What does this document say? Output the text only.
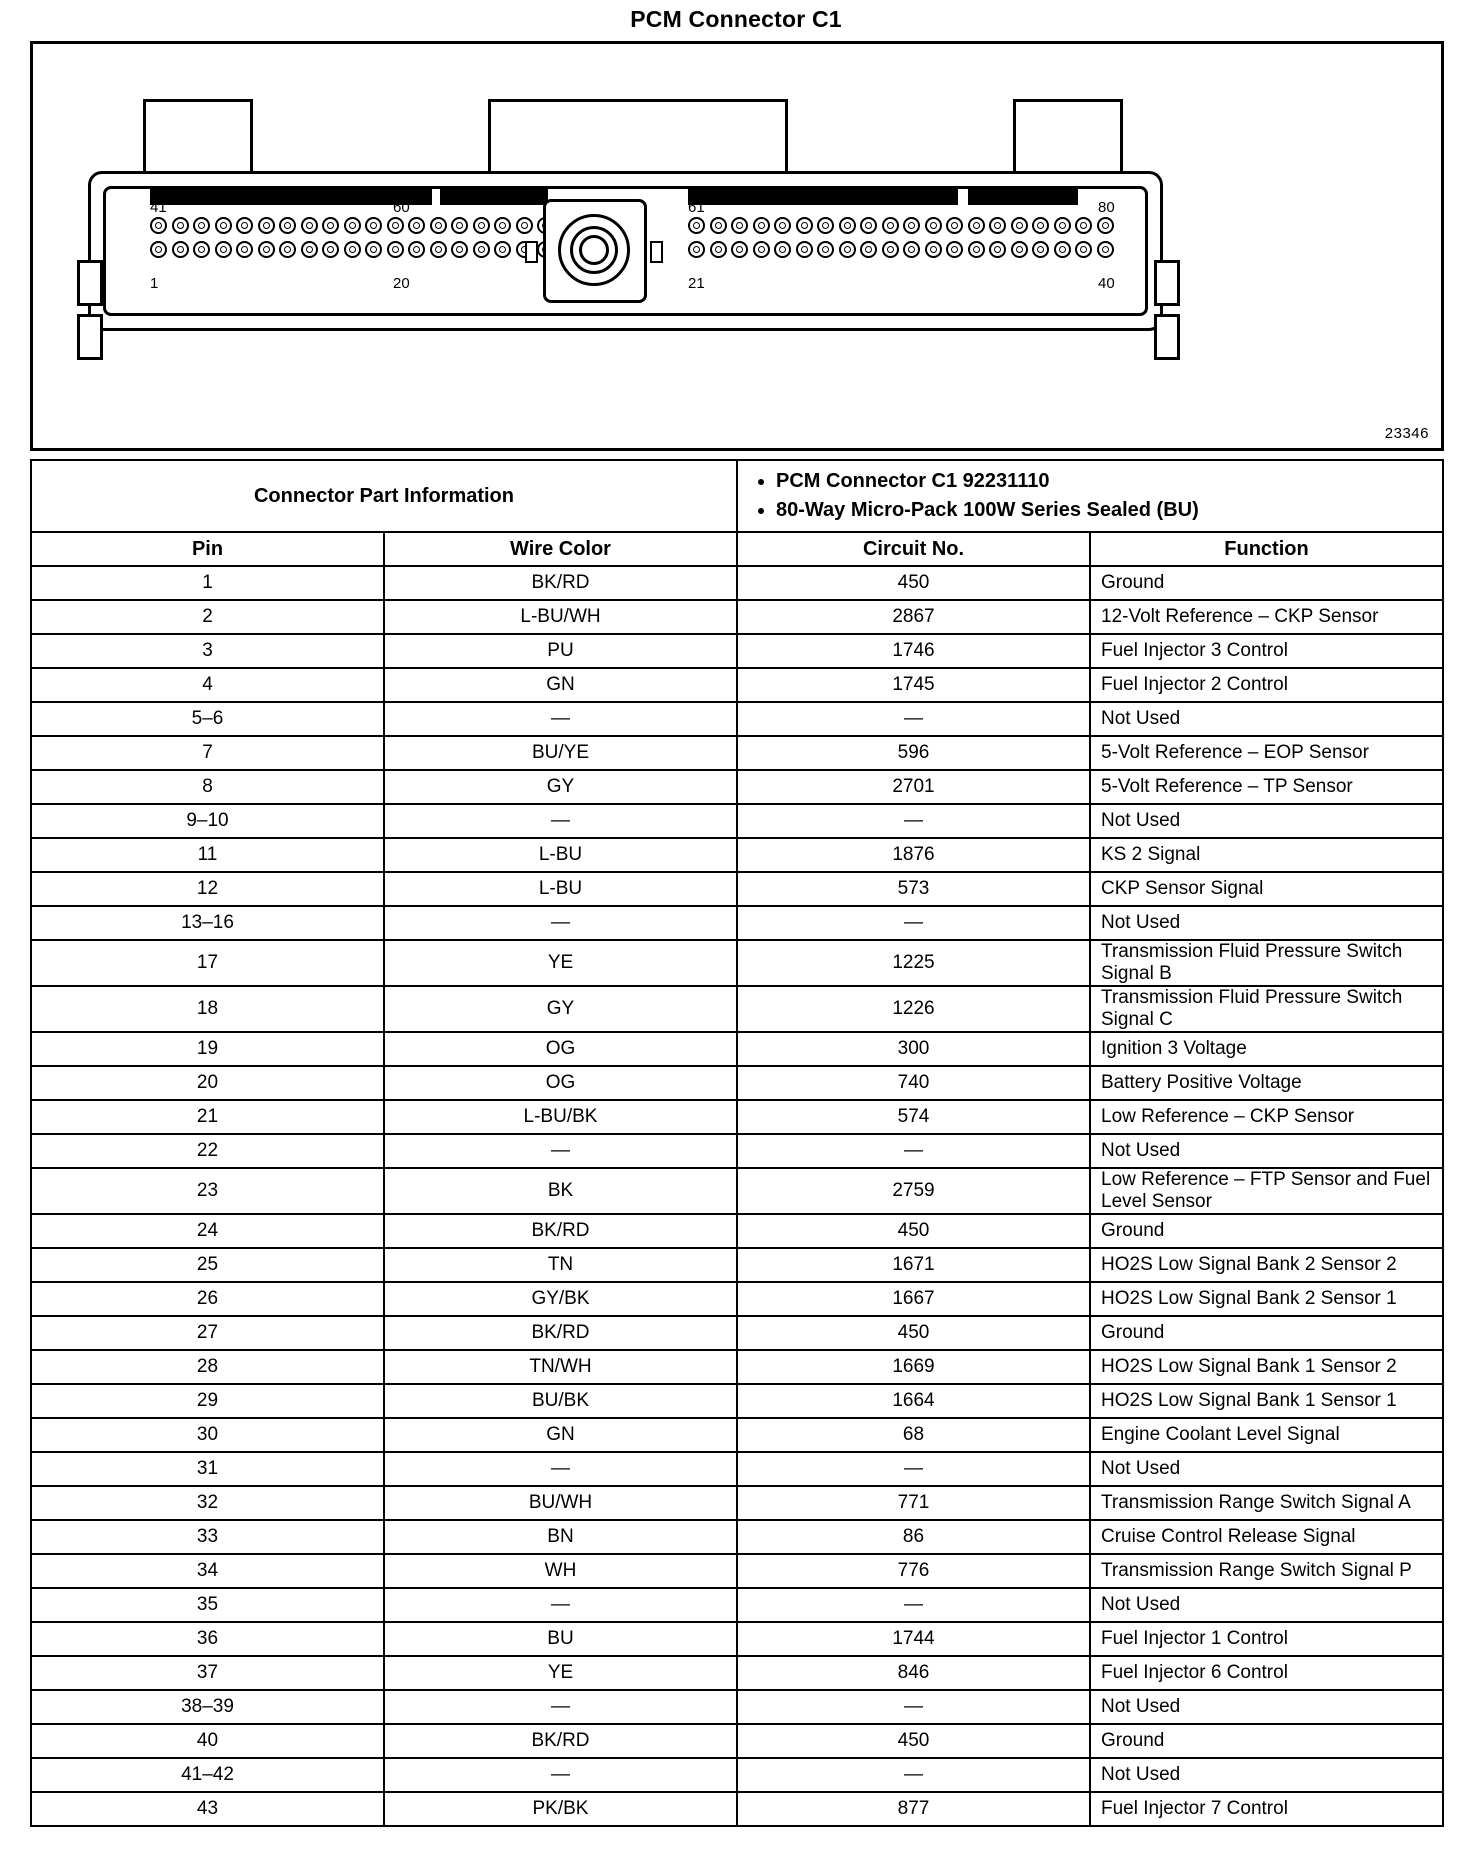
PCM Connector C1
41
1
60
20
61
21
80
40
23346
Connector Part Information	
• PCM Connector C1 92231110
• 80-Way Micro-Pack 100W Series Sealed (BU)

Pin	Wire Color	Circuit No.	Function
1	BK/RD	450	Ground
2	L-BU/WH	2867	12-Volt Reference – CKP Sensor
3	PU	1746	Fuel Injector 3 Control
4	GN	1745	Fuel Injector 2 Control
5–6	—	—	Not Used
7	BU/YE	596	5-Volt Reference – EOP Sensor
8	GY	2701	5-Volt Reference – TP Sensor
9–10	—	—	Not Used
11	L-BU	1876	KS 2 Signal
12	L-BU	573	CKP Sensor Signal
13–16	—	—	Not Used
17	YE	1225	Transmission Fluid Pressure Switch Signal B
18	GY	1226	Transmission Fluid Pressure Switch Signal C
19	OG	300	Ignition 3 Voltage
20	OG	740	Battery Positive Voltage
21	L-BU/BK	574	Low Reference – CKP Sensor
22	—	—	Not Used
23	BK	2759	Low Reference – FTP Sensor and Fuel Level Sensor
24	BK/RD	450	Ground
25	TN	1671	HO2S Low Signal Bank 2 Sensor 2
26	GY/BK	1667	HO2S Low Signal Bank 2 Sensor 1
27	BK/RD	450	Ground
28	TN/WH	1669	HO2S Low Signal Bank 1 Sensor 2
29	BU/BK	1664	HO2S Low Signal Bank 1 Sensor 1
30	GN	68	Engine Coolant Level Signal
31	—	—	Not Used
32	BU/WH	771	Transmission Range Switch Signal A
33	BN	86	Cruise Control Release Signal
34	WH	776	Transmission Range Switch Signal P
35	—	—	Not Used
36	BU	1744	Fuel Injector 1 Control
37	YE	846	Fuel Injector 6 Control
38–39	—	—	Not Used
40	BK/RD	450	Ground
41–42	—	—	Not Used
43	PK/BK	877	Fuel Injector 7 Control
